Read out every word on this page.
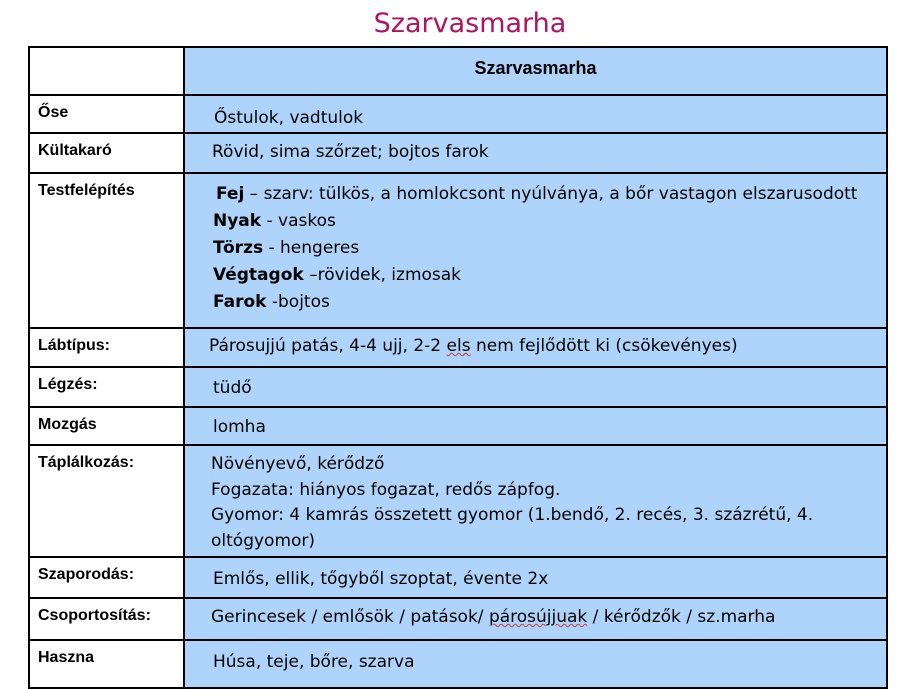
Szarvasmarha
	Szarvasmarha
Őse	Őstulok, vadtulok

Kültakaró	Rövid, sima szőrzet; bojtos farok

Testfelépítés	Fej – szarv: tülkös, a homlokcsont nyúlványa, a bőr vastagon elszarusodott
Nyak - vaskos
Törzs - hengeres
Végtagok –rövidek, izmosak
Farok -bojtos

Lábtípus:	Párosujjú patás, 4-4 ujj, 2-2 els nem fejlődött ki (csökevényes)

Légzés:	tüdő

Mozgás	lomha

Táplálkozás:	Növényevő, kérődző
Fogazata: hiányos fogazat, redős zápfog.
Gyomor: 4 kamrás összetett gyomor (1.bendő, 2. recés, 3. százrétű, 4.
oltógyomor)

Szaporodás:	Emlős, ellik, tőgyből szoptat, évente 2x

Csoportosítás:	Gerincesek / emlősök / patások/ párosújjuak / kérődzők / sz.marha

Haszna	Húsa, teje, bőre, szarva
